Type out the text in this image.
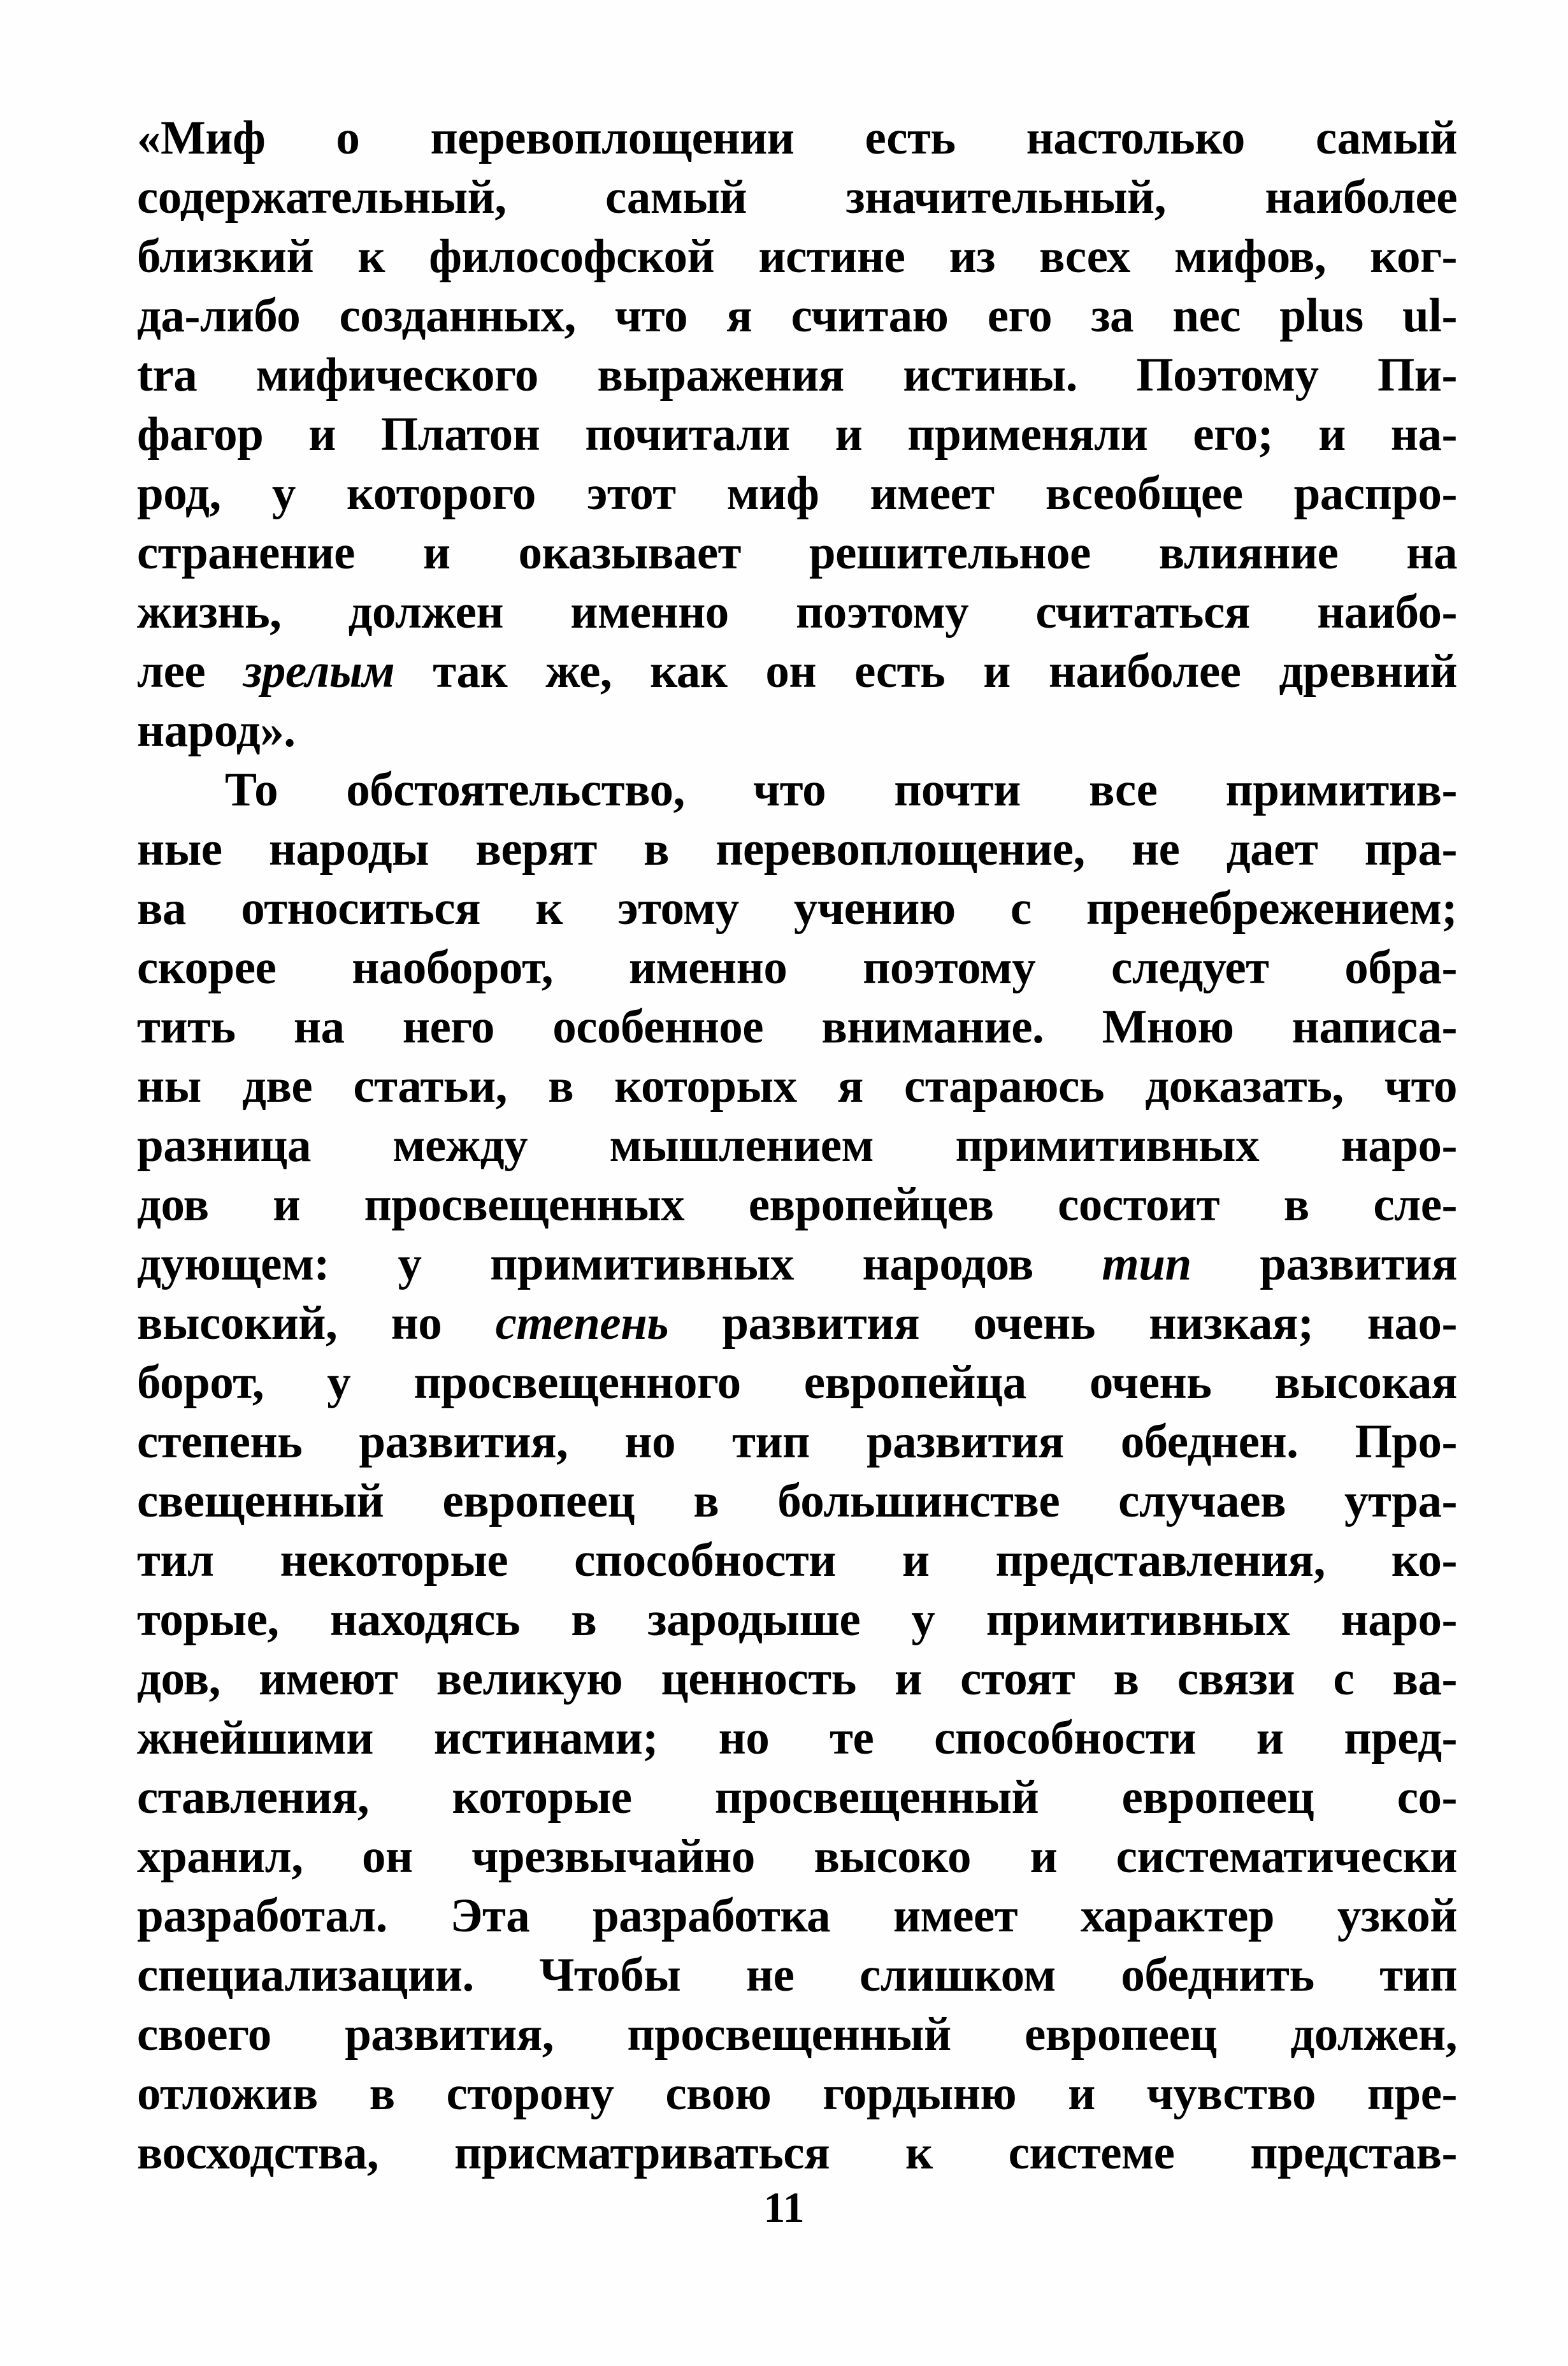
«Миф о перевоплощении есть настолько самый
содержательный, самый значительный, наиболее
близкий к философской истине из всех мифов, ког-
да-либо созданных, что я считаю его за nec plus ul-
tra мифического выражения истины. Поэтому Пи-
фагор и Платон почитали и применяли его; и на-
род, у которого этот миф имеет всеобщее распро-
странение и оказывает решительное влияние на
жизнь, должен именно поэтому считаться наибо-
лее зрелым так же, как он есть и наиболее древний
народ».
То обстоятельство, что почти все примитив-
ные народы верят в перевоплощение, не дает пра-
ва относиться к этому учению с пренебрежением;
скорее наоборот, именно поэтому следует обра-
тить на него особенное внимание. Мною написа-
ны две статьи, в которых я стараюсь доказать, что
разница между мышлением примитивных наро-
дов и просвещенных европейцев состоит в сле-
дующем: у примитивных народов тип развития
высокий, но степень развития очень низкая; нао-
борот, у просвещенного европейца очень высокая
степень развития, но тип развития обеднен. Про-
свещенный европеец в большинстве случаев утра-
тил некоторые способности и представления, ко-
торые, находясь в зародыше у примитивных наро-
дов, имеют великую ценность и стоят в связи с ва-
жнейшими истинами; но те способности и пред-
ставления, которые просвещенный европеец со-
хранил, он чрезвычайно высоко и систематически
разработал. Эта разработка имеет характер узкой
специализации. Чтобы не слишком обеднить тип
своего развития, просвещенный европеец должен,
отложив в сторону свою гордыню и чувство пре-
восходства, присматриваться к системе представ-
11
